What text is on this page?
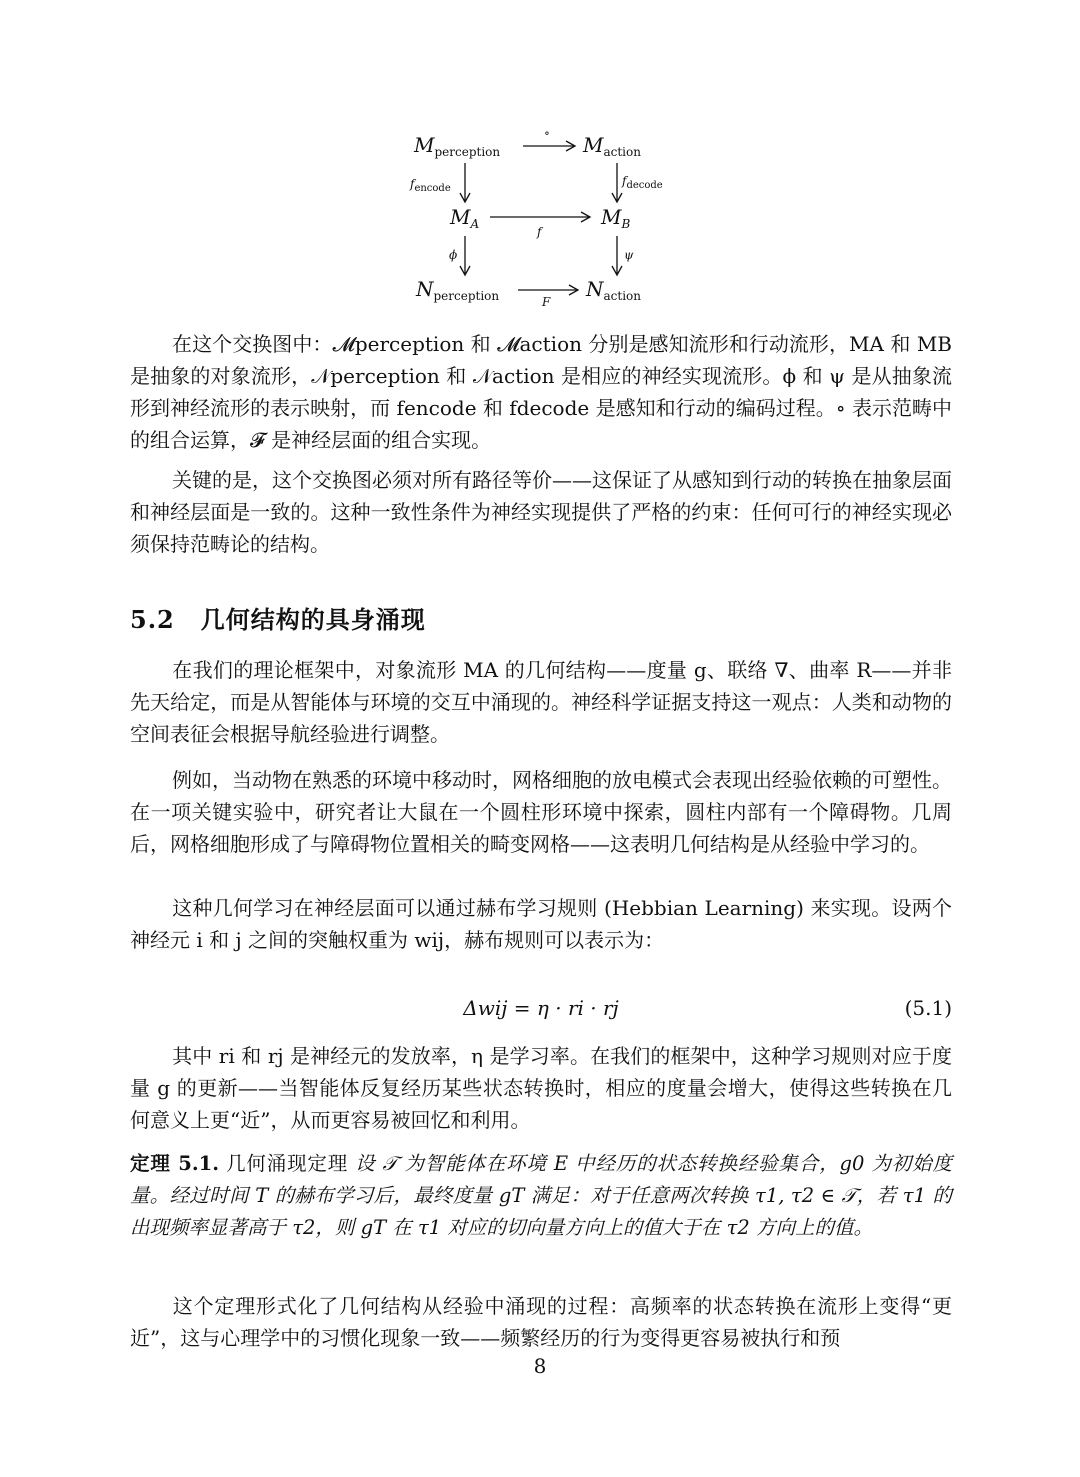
$M_{perception}$
∘ $M_{action}$
fencode
fdecode
$M_A$
f
$M_B$
ϕ	ψ
$N_{perception}$	F
$N_{action}$

在这个交换图中：𝓜perception 和 𝓜action 分别是感知流形和行动流形，MA 和 MB 是抽象的对象流形，𝒩perception 和 𝒩action 是相应的神经实现流形。ϕ 和 ψ 是从抽象流形到神经流形的表示映射，而 fencode 和 fdecode 是感知和行动的编码过程。∘ 表示范畴中的组合运算，𝓕 是神经层面的组合实现。

关键的是，这个交换图必须对所有路径等价——这保证了从感知到行动的转换在抽象层面和神经层面是一致的。这种一致性条件为神经实现提供了严格的约束：任何可行的神经实现必须保持范畴论的结构。

5.2 几何结构的具身涌现

在我们的理论框架中，对象流形 MA 的几何结构——度量 g、联络 ∇、曲率 R——并非先天给定，而是从智能体与环境的交互中涌现的。神经科学证据支持这一观点：人类和动物的空间表征会根据导航经验进行调整。

例如，当动物在熟悉的环境中移动时，网格细胞的放电模式会表现出经验依赖的可塑性。在一项关键实验中，研究者让大鼠在一个圆柱形环境中探索，圆柱内部有一个障碍物。几周后，网格细胞形成了与障碍物位置相关的畸变网格——这表明几何结构是从经验中学习的。

这种几何学习在神经层面可以通过赫布学习规则 (Hebbian Learning) 来实现。设两个神经元 i 和 j 之间的突触权重为 wij，赫布规则可以表示为：

Δwij = η · ri · rj	(5.1)

其中 ri 和 rj 是神经元的发放率，η 是学习率。在我们的框架中，这种学习规则对应于度量 g 的更新——当智能体反复经历某些状态转换时，相应的度量会增大，使得这些转换在几何意义上更“近”，从而更容易被回忆和利用。

定理 5.1. 几何涌现定理 设 𝒯 为智能体在环境 E 中经历的状态转换经验集合，g0 为初始度量。经过时间 T 的赫布学习后，最终度量 gT 满足：对于任意两次转换 τ1, τ2 ∈ 𝒯，若 τ1 的出现频率显著高于 τ2，则 gT 在 τ1 对应的切向量方向上的值大于在 τ2 方向上的值。

这个定理形式化了几何结构从经验中涌现的过程：高频率的状态转换在流形上变得“更近”，这与心理学中的习惯化现象一致——频繁经历的行为变得更容易被执行和预

8
